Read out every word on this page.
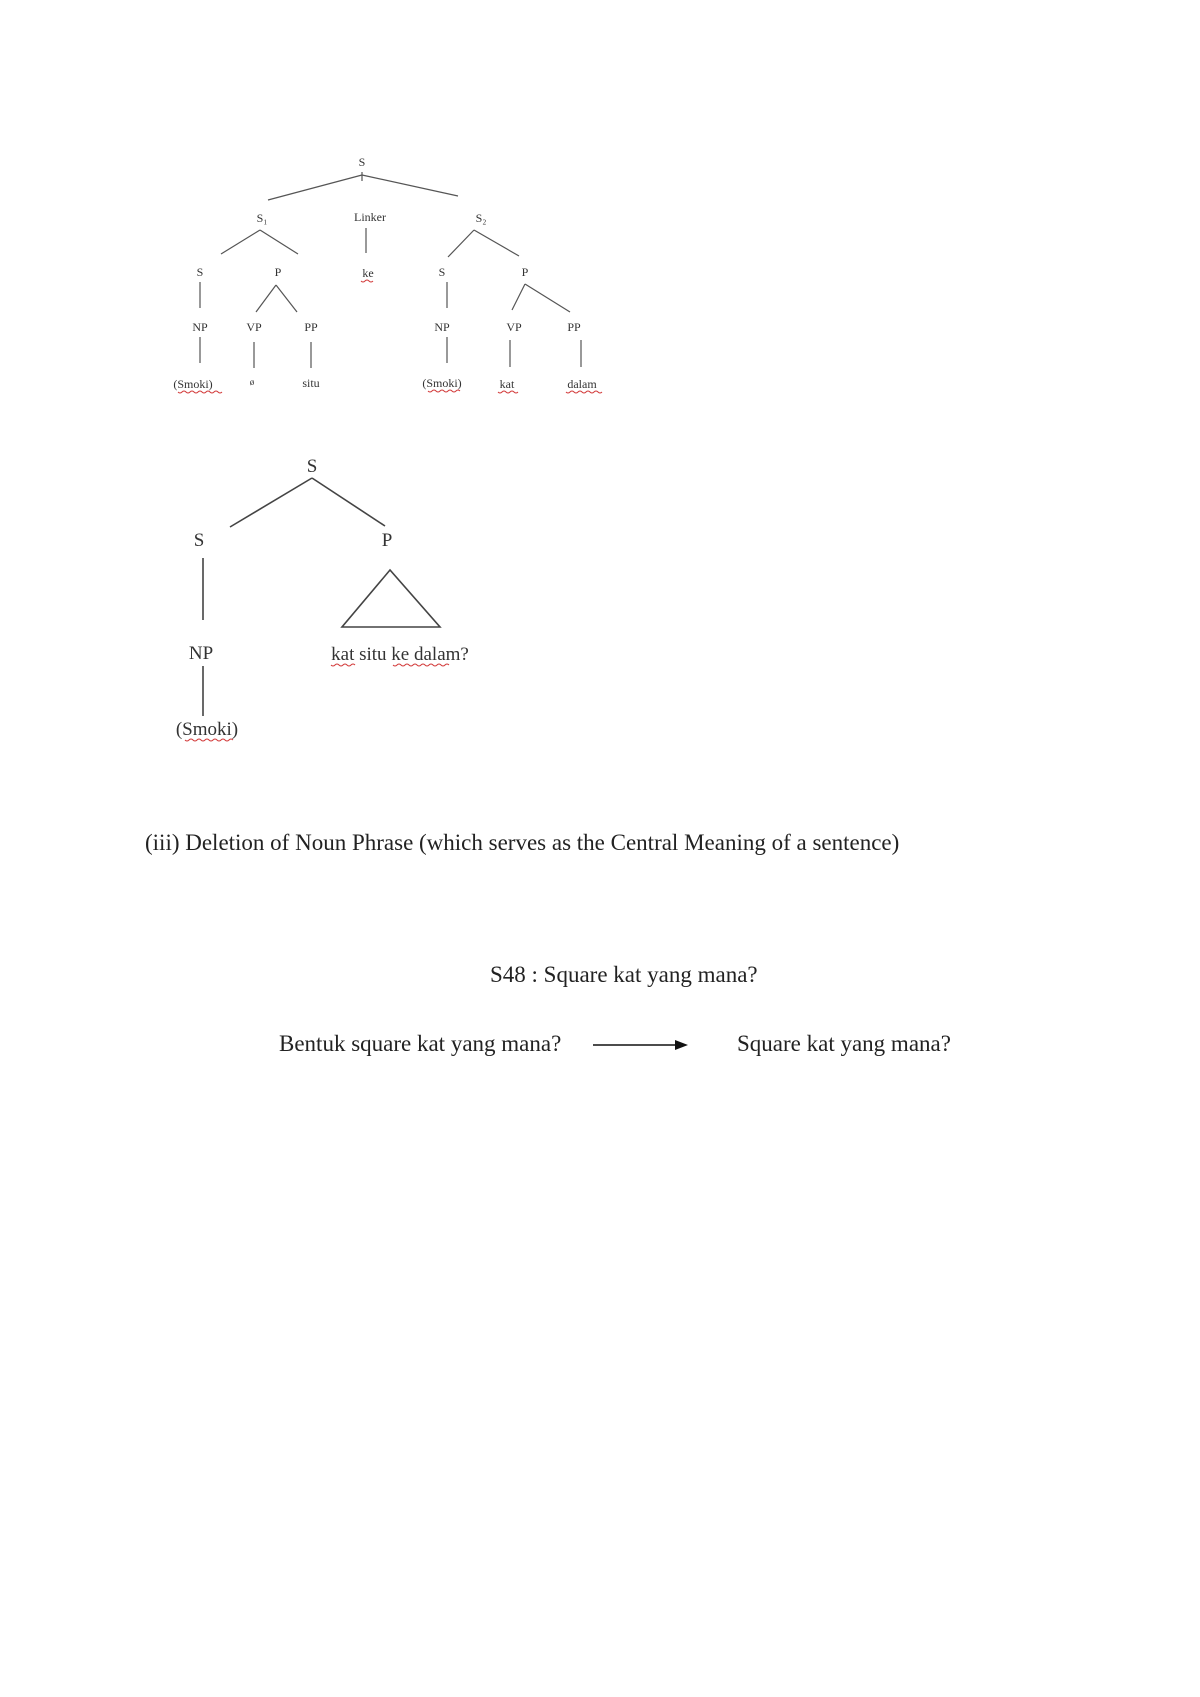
S
S₁	Linker	S₂
S	P	ke	S	P
NP	VP	PP	NP	VP	PP
(Smoki)	ø	situ	(Smoki)	kat	dalam
S
S	P
NP	kat situ ke dalam?
(Smoki)
(iii) Deletion of Noun Phrase (which serves as the Central Meaning of a sentence)
S48 : Square kat yang mana?
Bentuk square kat yang mana?	Square kat yang mana?
